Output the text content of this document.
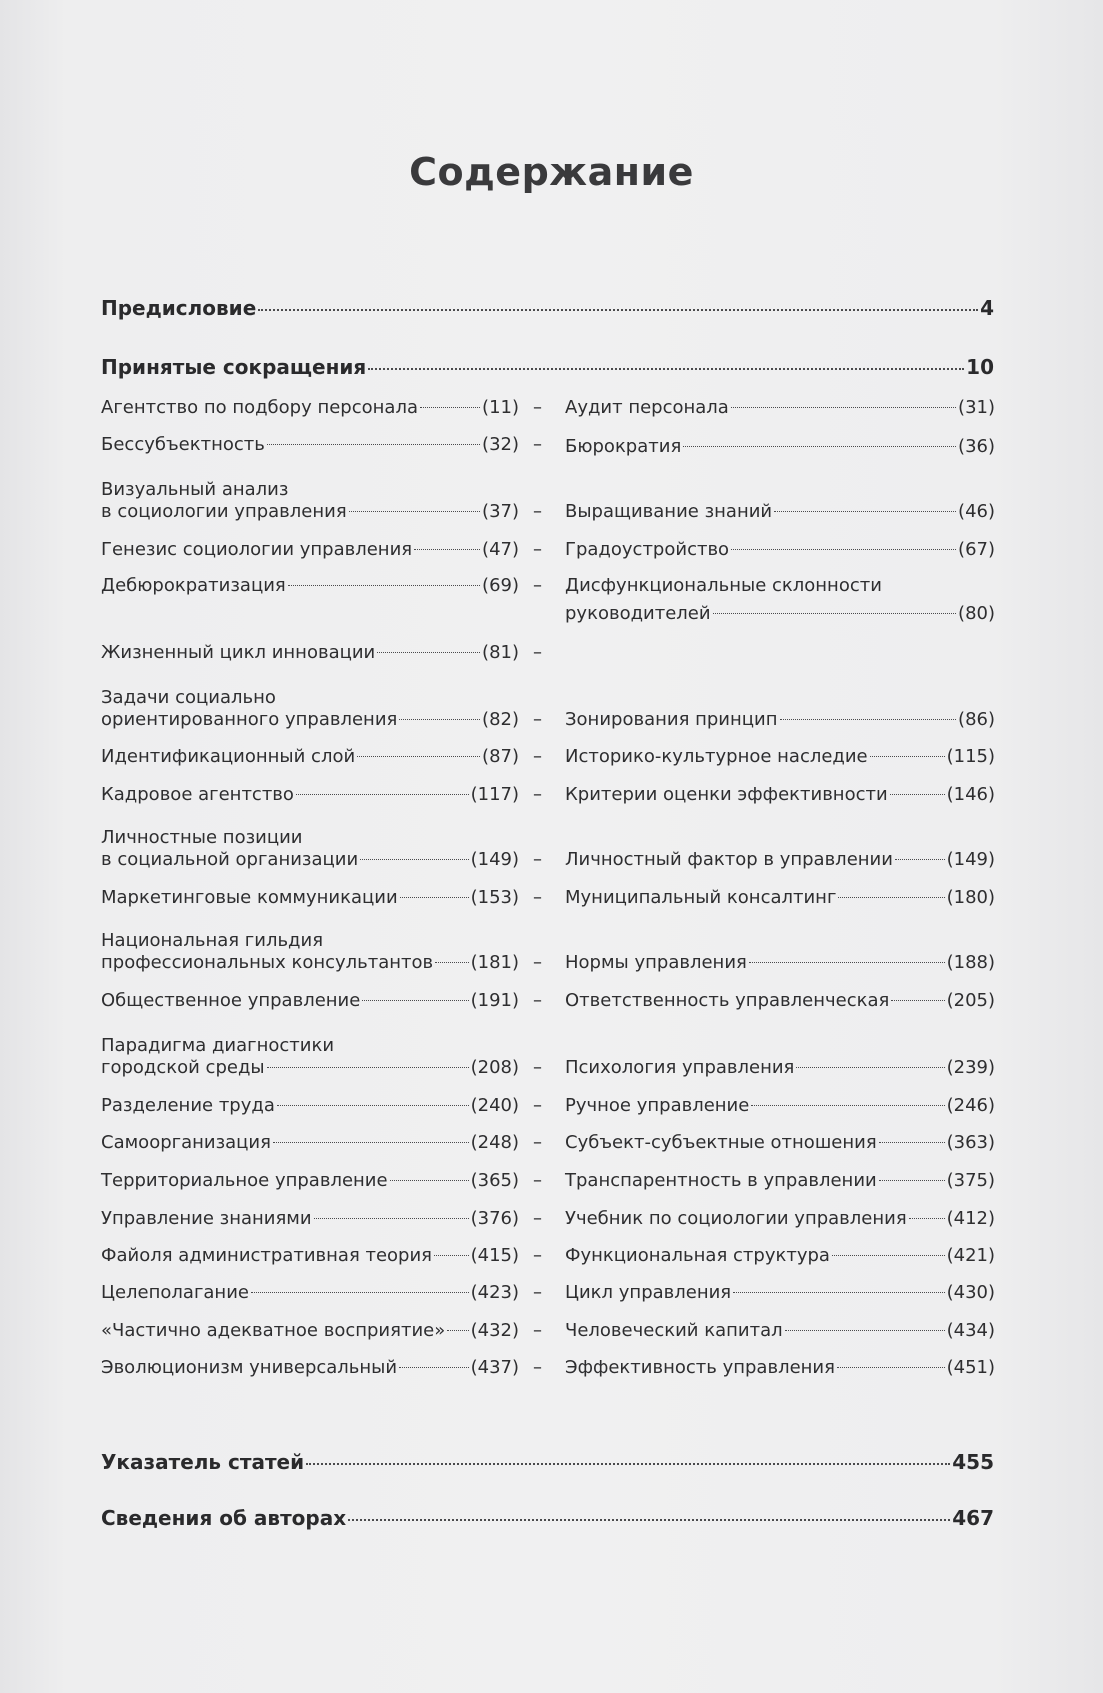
Содержание
Предисловие	4
Принятые сокращения	10
Агентство по подбору персонала	(11) – Аудит персонала	(31)
Бессубъектность	(32) – Бюрократия	(36)
Визуальный анализ
в социологии управления	(37) – Выращивание знаний	(46)
Генезис социологии управления	(47) – Градоустройство	(67)
Дебюрократизация	(69) – Дисфункциональные склонности
руководителей	(80)
Жизненный цикл инновации	(81) –
Задачи социально
ориентированного управления	(82) – Зонирования принцип	(86)
Идентификационный слой	(87) – Историко-культурное наследие	(115)
Кадровое агентство	(117) – Критерии оценки эффективности	(146)
Личностные позиции
в социальной организации	(149) – Личностный фактор в управлении	(149)
Маркетинговые коммуникации	(153) – Муниципальный консалтинг	(180)
Национальная гильдия
профессиональных консультантов (181) – Нормы управления	(188)
Общественное управление	(191) – Ответственность управленческая	(205)
Парадигма диагностики
городской среды	(208) – Психология управления	(239)
Разделение труда	(240) – Ручное управление	(246)
Самоорганизация	(248) – Субъект-субъектные отношения	(363)
Территориальное управление	(365) – Транспарентность в управлении	(375)
Управление знаниями	(376) – Учебник по социологии управления (412)
Файоля административная теория (415) – Функциональная структура	(421)
Целеполагание	(423) – Цикл управления	(430)
«Частично адекватное восприятие» (432) – Человеческий капитал	(434)
Эволюционизм универсальный	(437) – Эффективность управления	(451)
Указатель статей	455
Сведения об авторах	467
